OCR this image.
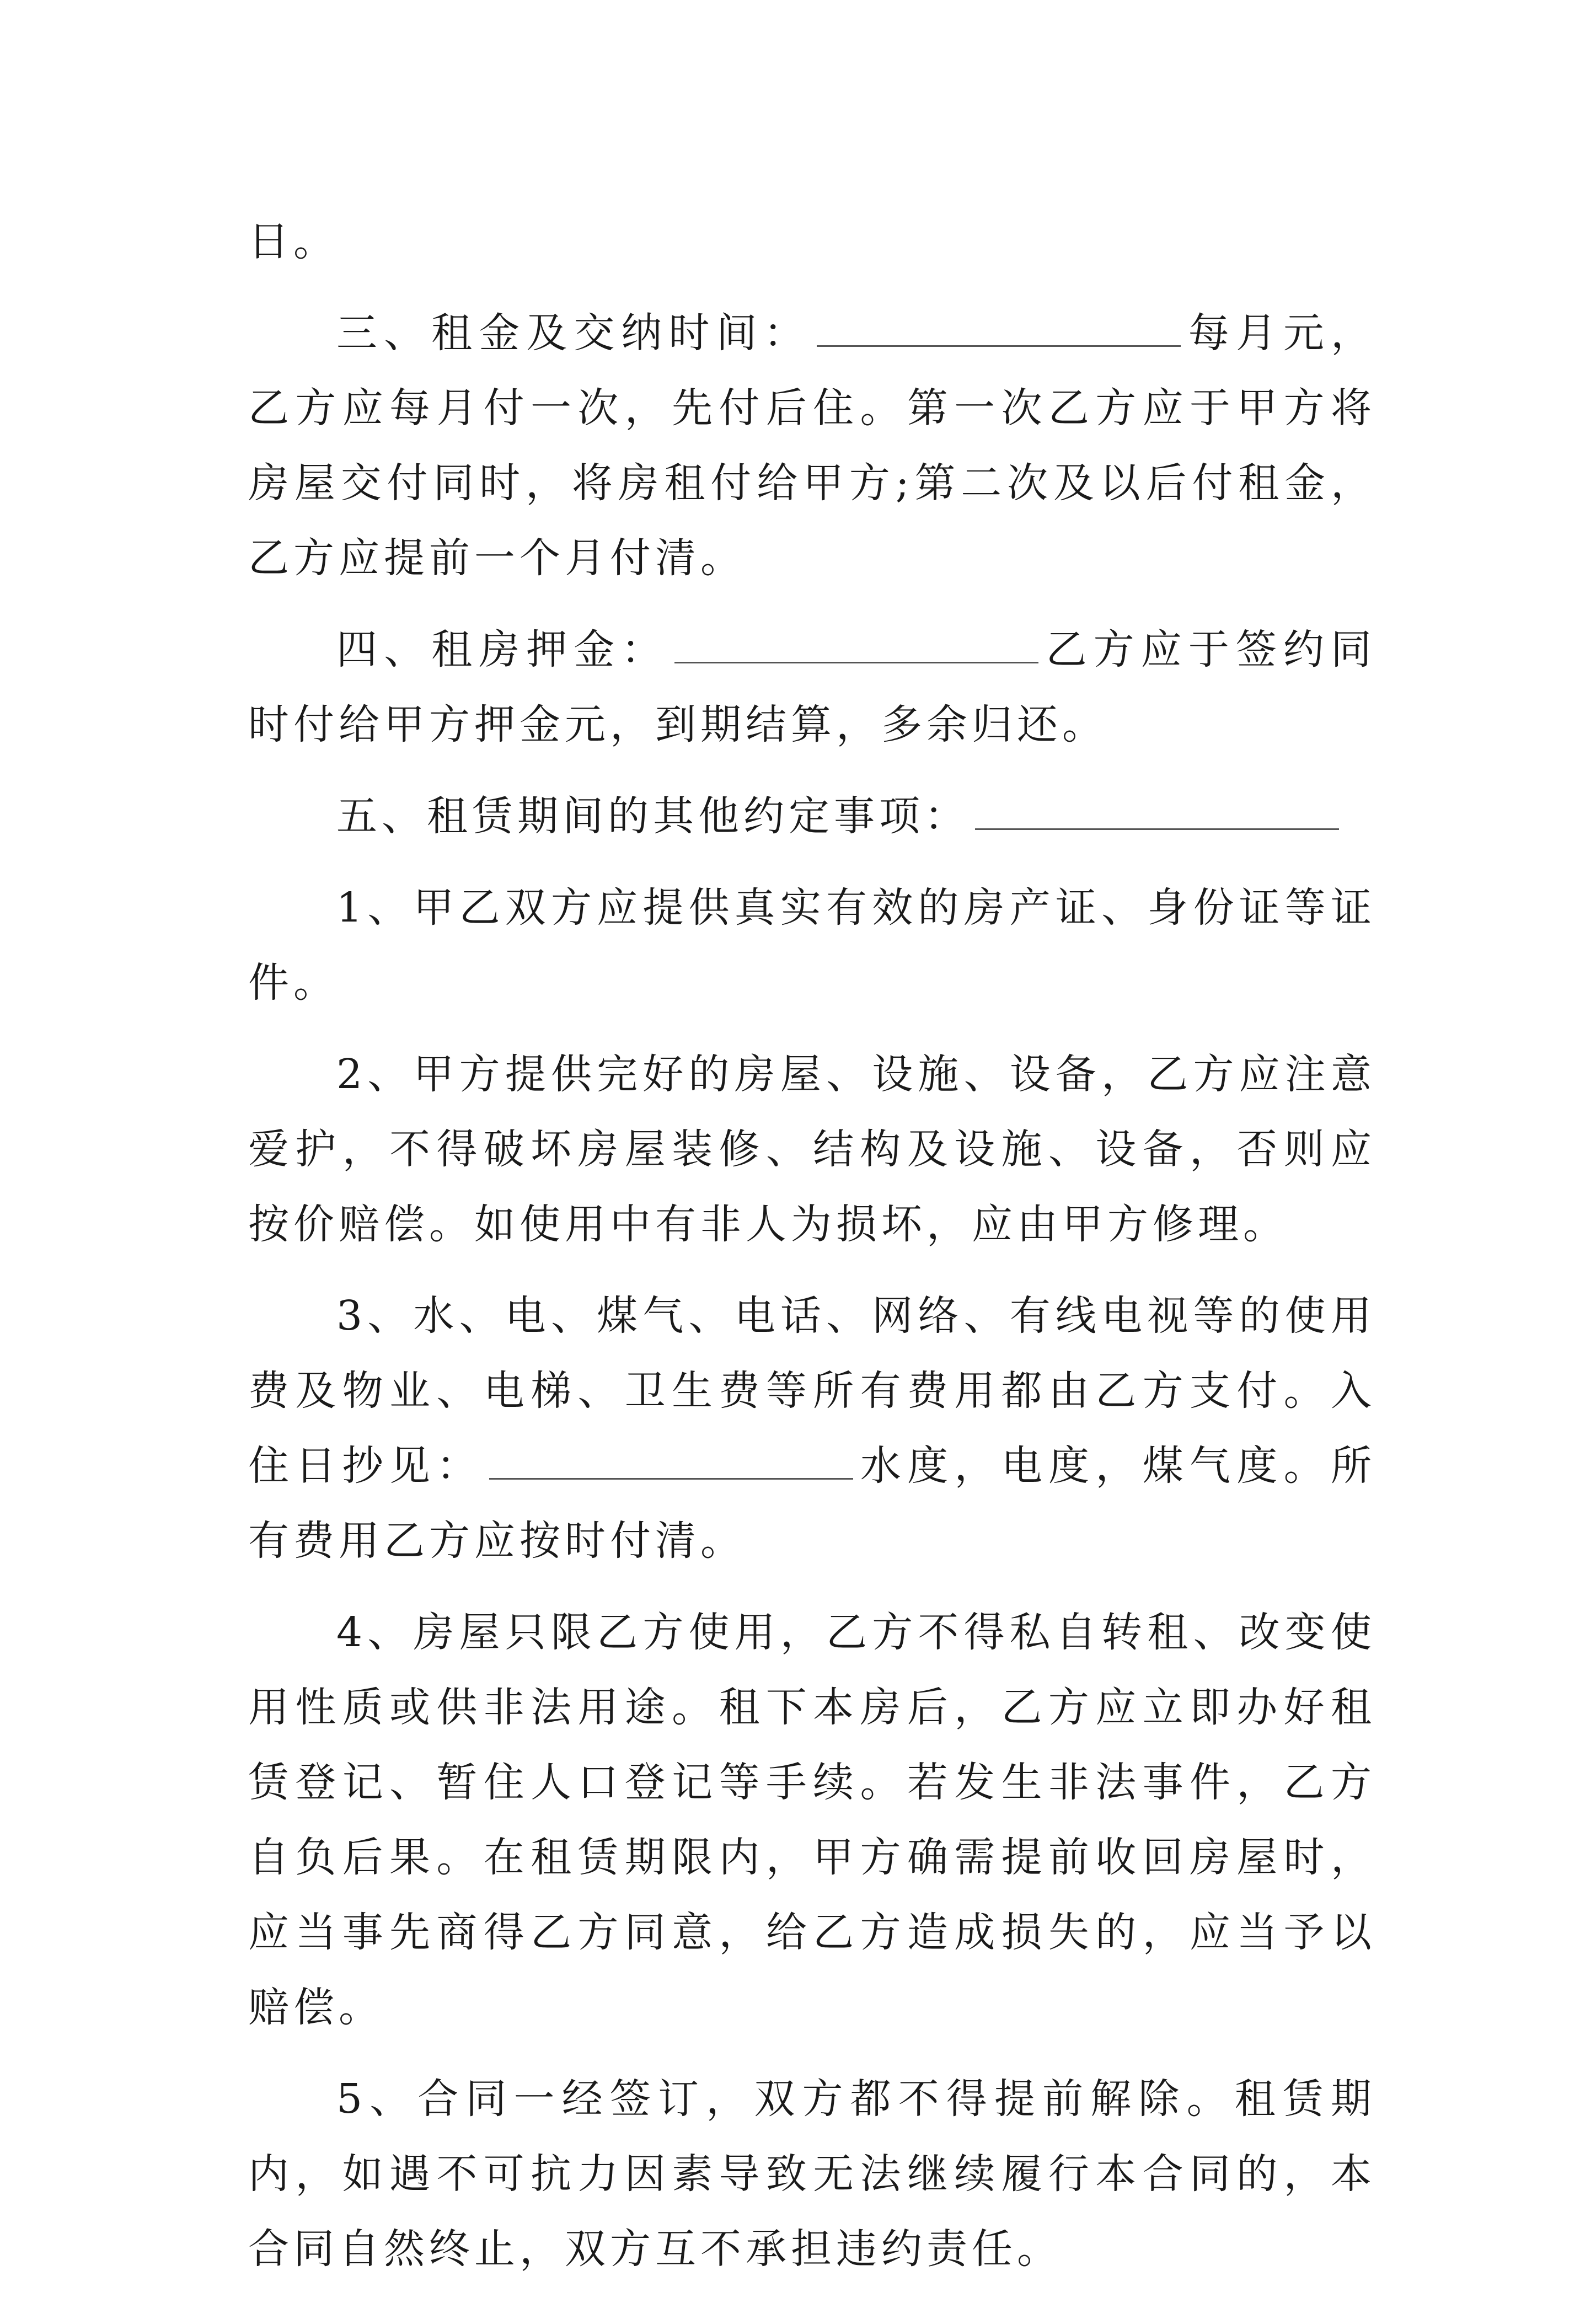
日。

三、租金及交纳时间：	每月元，乙方应每月付一次，先付后住。第一次乙方应于甲方将房屋交付同时，将房租付给甲方;第二次及以后付租金，乙方应提前一个月付清。

四、租房押金：	乙方应于签约同时付给甲方押金元，到期结算，多余归还。

五、租赁期间的其他约定事项：

1、甲乙双方应提供真实有效的房产证、身份证等证件。

2、甲方提供完好的房屋、设施、设备，乙方应注意爱护，不得破坏房屋装修、结构及设施、设备，否则应按价赔偿。如使用中有非人为损坏，应由甲方修理。

3、水、电、煤气、电话、网络、有线电视等的使用费及物业、电梯、卫生费等所有费用都由乙方支付。入住日抄见：	水度，电度，煤气度。所有费用乙方应按时付清。

4、房屋只限乙方使用，乙方不得私自转租、改变使用性质或供非法用途。租下本房后，乙方应立即办好租赁登记、暂住人口登记等手续。若发生非法事件，乙方自负后果。在租赁期限内，甲方确需提前收回房屋时，应当事先商得乙方同意，给乙方造成损失的，应当予以赔偿。

5、合同一经签订，双方都不得提前解除。租赁期内，如遇不可抗力因素导致无法继续履行本合同的，本合同自然终止，双方互不承担违约责任。
